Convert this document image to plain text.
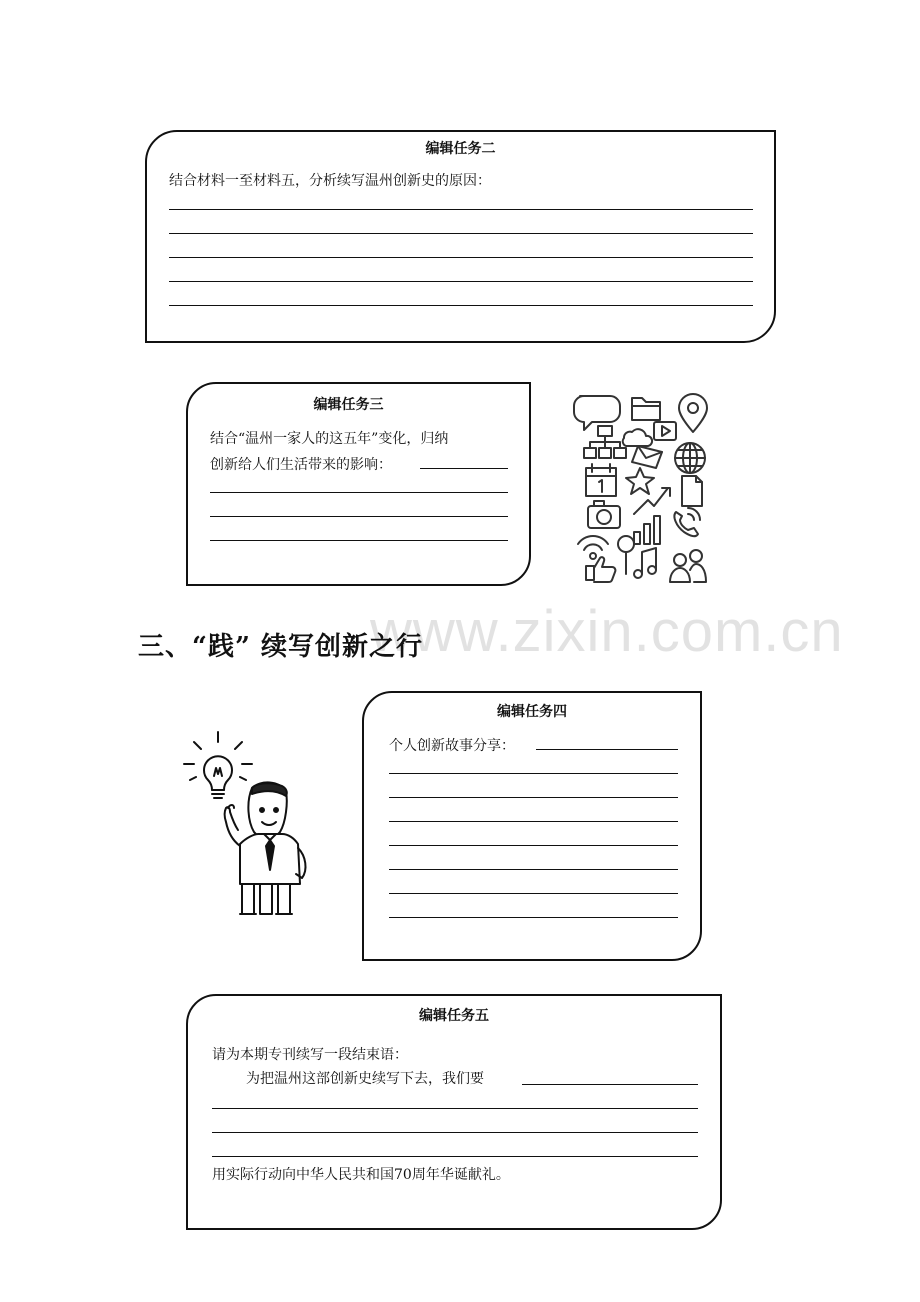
www.zixin.com.cn
编辑任务二
结合材料一至材料五，分析续写温州创新史的原因：
编辑任务三
结合“温州一家人的这五年”变化，归纳
创新给人们生活带来的影响：
三、“践” 续写创新之行
编辑任务四
个人创新故事分享：
编辑任务五
请为本期专刊续写一段结束语：
为把温州这部创新史续写下去，我们要
用实际行动向中华人民共和国70周年华诞献礼。
